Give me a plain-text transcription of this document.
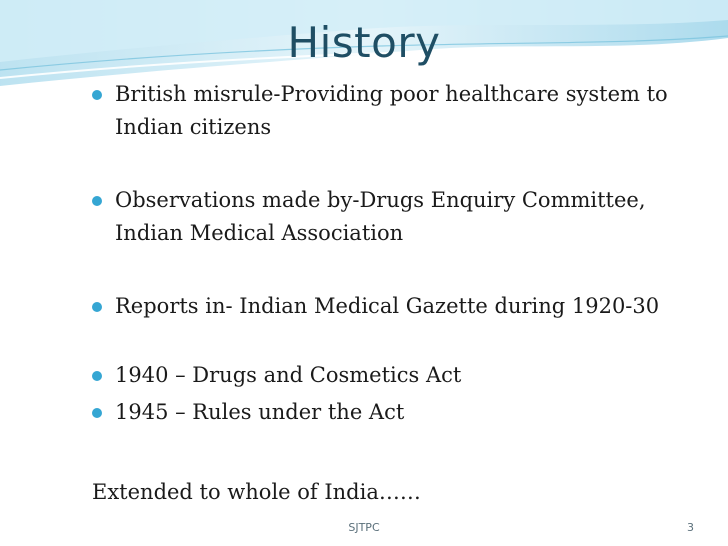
History
British misrule-Providing poor healthcare system to Indian citizens
Observations made by-Drugs Enquiry Committee, Indian Medical Association
Reports in- Indian Medical Gazette during 1920-30
1940 – Drugs and Cosmetics Act
1945 – Rules under the Act
Extended to whole of India……
SJTPC	3
